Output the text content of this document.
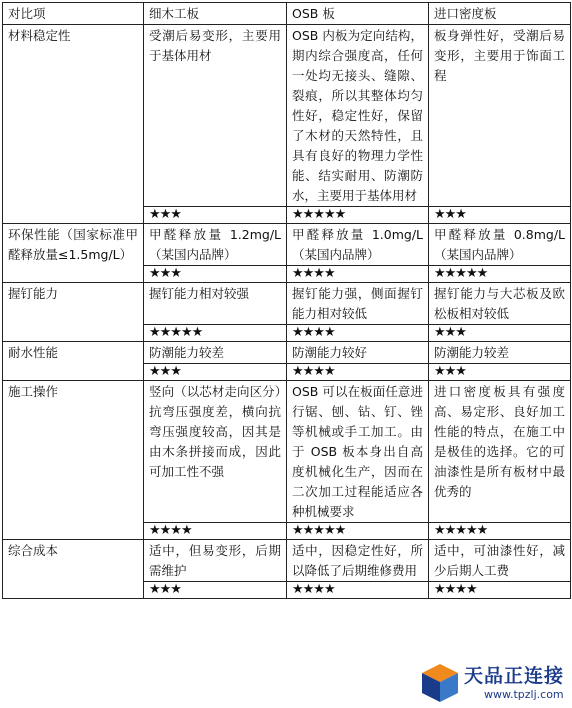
对比项	细木工板	OSB 板	进口密度板
材料稳定性	受潮后易变形，主要用于基体用材	OSB 内板为定向结构，期内综合强度高，任何一处均无接头、缝隙、裂痕，所以其整体均匀性好，稳定性好，保留了木材的天然特性，且具有良好的物理力学性能、结实耐用、防潮防水，主要用于基体用材	板身弹性好，受潮后易变形，主要用于饰面工程
	★★★	★★★★★	★★★
环保性能（国家标准甲醛释放量≤1.5mg/L）	甲醛释放量 1.2mg/L（某国内品牌）	甲醛释放量 1.0mg/L（某国内品牌）	甲醛释放量 0.8mg/L（某国内品牌）
	★★★	★★★★	★★★★★
握钉能力	握钉能力相对较强	握钉能力强，侧面握钉能力相对较低	握钉能力与大芯板及欧松板相对较低
	★★★★★	★★★★	★★★
耐水性能	防潮能力较差	防潮能力较好	防潮能力较差
	★★★	★★★★	★★★
施工操作	竖向（以芯材走向区分）抗弯压强度差，横向抗弯压强度较高，因其是由木条拼接而成，因此可加工性不强	OSB 可以在板面任意进行锯、刨、钻、钉、锉等机械或手工加工。由于 OSB 板本身出自高度机械化生产，因而在二次加工过程能适应各种机械要求	进口密度板具有强度高、易定形、良好加工性能的特点，在施工中是极佳的选择。它的可油漆性是所有板材中最优秀的
	★★★★	★★★★★	★★★★★
综合成本	适中，但易变形，后期需维护	适中，因稳定性好，所以降低了后期维修费用	适中，可油漆性好，减少后期人工费
	★★★	★★★★	★★★★
天品正连接
www.tpzlj.com
